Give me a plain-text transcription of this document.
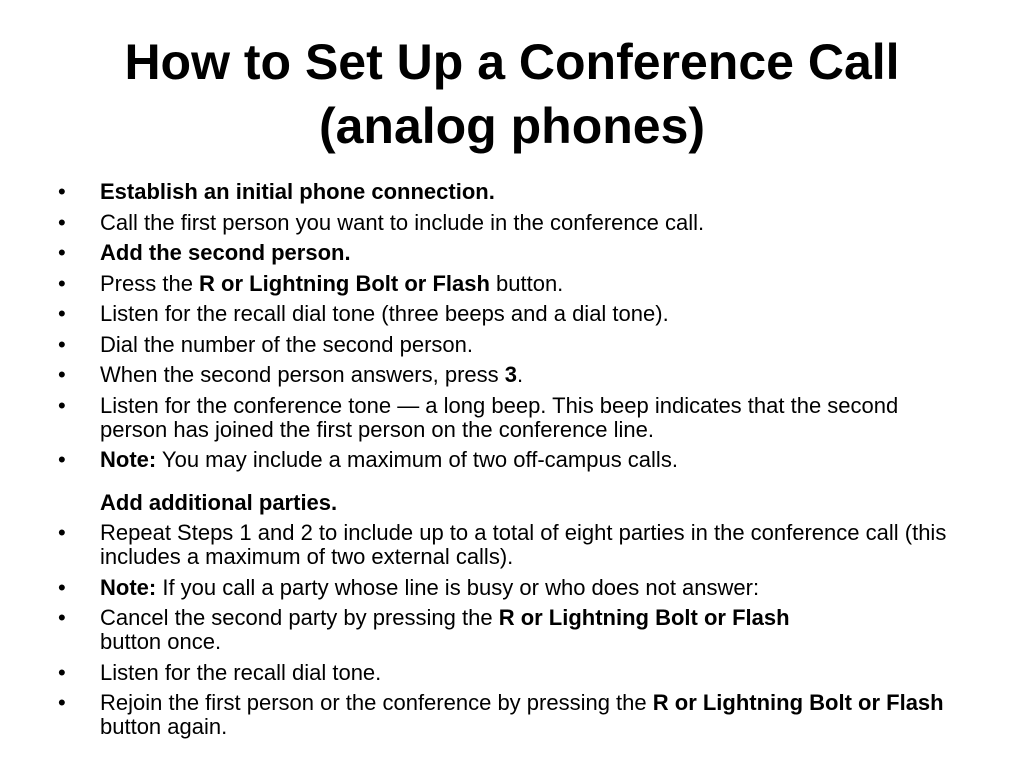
How to Set Up a Conference Call
(analog phones)
•	Establish an initial phone connection.
•	Call the first person you want to include in the conference call.
•	Add the second person.
•	Press the R or Lightning Bolt or Flash button.
•	Listen for the recall dial tone (three beeps and a dial tone).
•	Dial the number of the second person.
•	When the second person answers, press 3.
•	Listen for the conference tone — a long beep. This beep indicates that the second person has joined the first person on the conference line.
•	Note: You may include a maximum of two off-campus calls.
Add additional parties.
•	Repeat Steps 1 and 2 to include up to a total of eight parties in the conference call (this includes a maximum of two external calls).
•	Note: If you call a party whose line is busy or who does not answer:
•	Cancel the second party by pressing the R or Lightning Bolt or Flash
button once.
•	Listen for the recall dial tone.
•	Rejoin the first person or the conference by pressing the R or Lightning Bolt or Flash button again.
